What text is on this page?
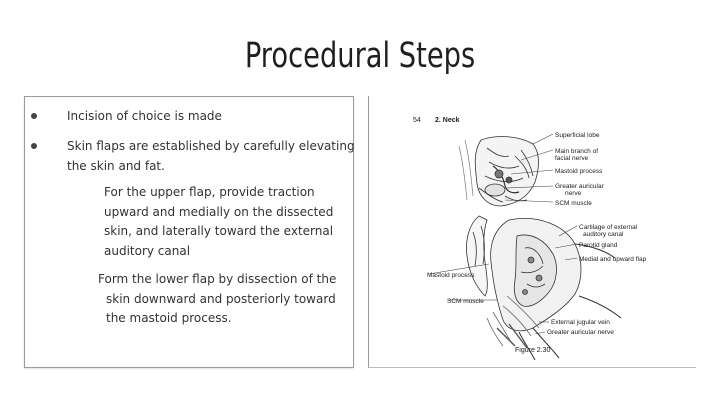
Procedural Steps
Incision of choice is made
Skin flaps are established by carefully elevating
the skin and fat.
For the upper flap, provide traction
upward and medially on the dissected
skin, and laterally toward the external
auditory canal
Form the lower flap by dissection of the
skin downward and posteriorly toward
the mastoid process.
54 2. Neck
Superficial lobe
Main branch of
facial nerve
Mastoid process
Greater auricular
nerve
SCM muscle
Cartilage of external
auditory canal
Parotid gland
Medial and upward flap
External jugular vein
Greater auricular nerve
Mastoid process
SCM muscle
Figure 2.30
